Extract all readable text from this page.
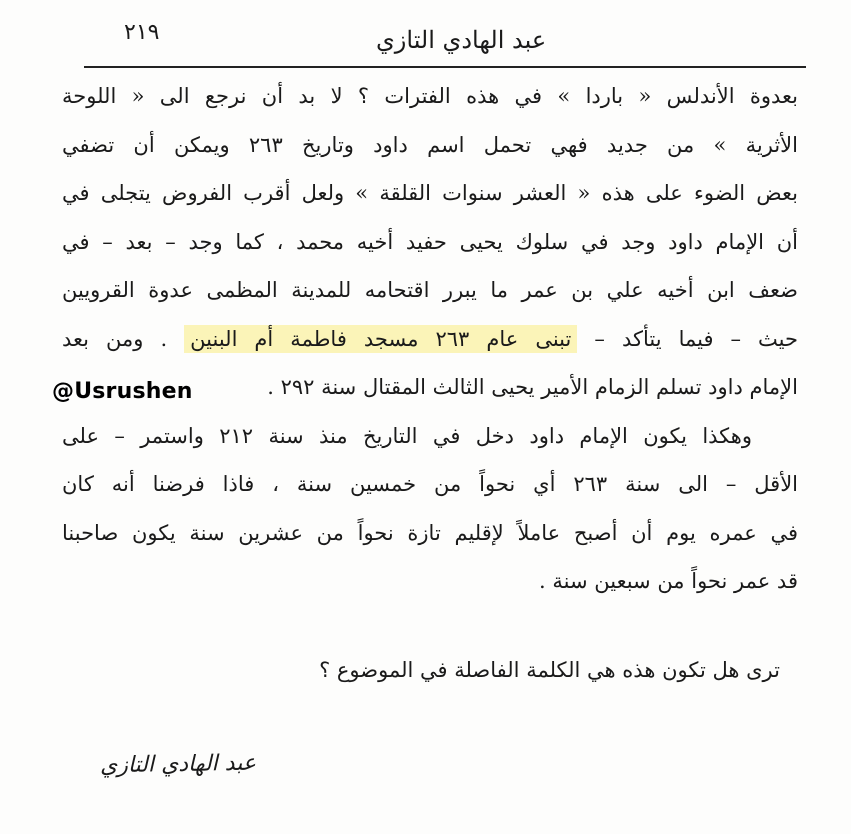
٢١٩	عبد الهادي التازي
بعدوة الأندلس « باردا » في هذه الفترات ؟ لا بد أن نرجع الى « اللوحة
الأثرية » من جديد فهي تحمل اسم داود وتاريخ ٢٦٣ ويمكن أن تضفي
بعض الضوء على هذه « العشر سنوات القلقة » ولعل أقرب الفروض يتجلى في
أن الإمام داود وجد في سلوك يحيى حفيد أخيه محمد ، كما وجد – بعد – في
ضعف ابن أخيه علي بن عمر ما يبرر اقتحامه للمدينة المظمى عدوة القرويين
حيث – فيما يتأكد – تبنى عام ٢٦٣ مسجد فاطمة أم البنين . ومن بعد
الإمام داود تسلم الزمام الأمير يحيى الثالث المقتال سنة ٢٩٢ .
وهكذا يكون الإمام داود دخل في التاريخ منذ سنة ٢١٢ واستمر – على
الأقل – الى سنة ٢٦٣ أي نحواً من خمسين سنة ، فاذا فرضنا أنه كان
في عمره يوم أن أصبح عاملاً لإقليم تازة نحواً من عشرين سنة يكون صاحبنا
قد عمر نحواً من سبعين سنة .
ترى هل تكون هذه هي الكلمة الفاصلة في الموضوع ؟
عبد الهادي التازي
@Usrushen
